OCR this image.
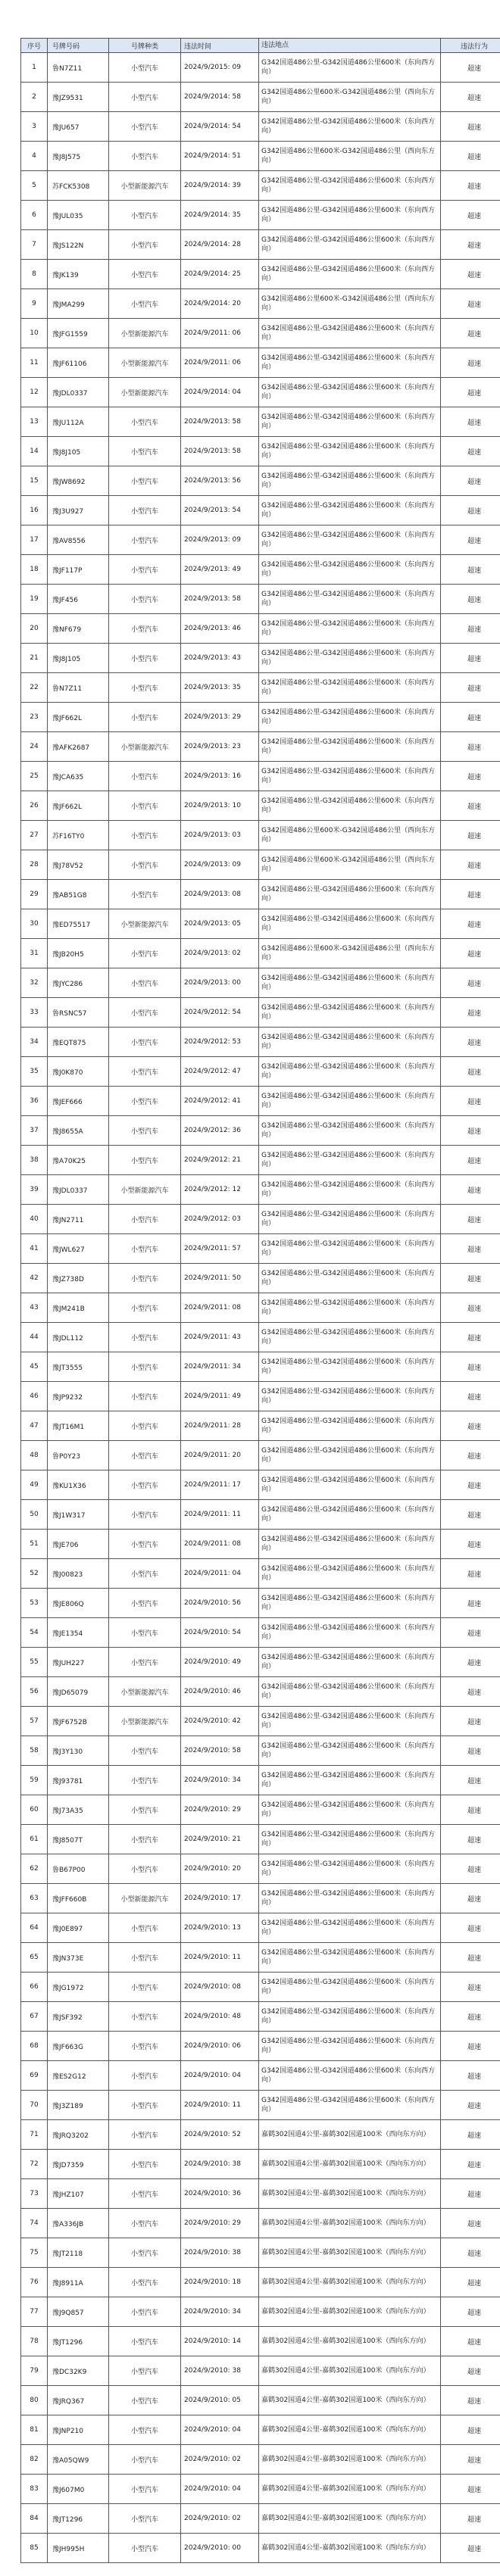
序号	号牌号码	号牌种类	违法时间	违法地点	违法行为
1	鲁N7Z11	小型汽车	2024/9/2015: 09	G342国道486公里-G342国道486公里600米（东向西方向）	超速
2	豫JZ9531	小型汽车	2024/9/2014: 58	G342国道486公里600米-G342国道486公里（西向东方向）	超速
3	豫JU657	小型汽车	2024/9/2014: 54	G342国道486公里-G342国道486公里600米（东向西方向）	超速
4	豫J8J575	小型汽车	2024/9/2014: 51	G342国道486公里600米-G342国道486公里（西向东方向）	超速
5	苏FCK5308	小型新能源汽车	2024/9/2014: 39	G342国道486公里-G342国道486公里600米（东向西方向）	超速
6	豫JUL035	小型汽车	2024/9/2014: 35	G342国道486公里-G342国道486公里600米（东向西方向）	超速
7	豫JS122N	小型汽车	2024/9/2014: 28	G342国道486公里-G342国道486公里600米（东向西方向）	超速
8	豫JK139	小型汽车	2024/9/2014: 25	G342国道486公里-G342国道486公里600米（东向西方向）	超速
9	豫JMA299	小型汽车	2024/9/2014: 20	G342国道486公里600米-G342国道486公里（西向东方向）	超速
10	豫JFG1559	小型新能源汽车	2024/9/2011: 06	G342国道486公里-G342国道486公里600米（东向西方向）	超速
11	豫JF61106	小型新能源汽车	2024/9/2011: 06	G342国道486公里-G342国道486公里600米（东向西方向）	超速
12	豫JDL0337	小型新能源汽车	2024/9/2014: 04	G342国道486公里-G342国道486公里600米（东向西方向）	超速
13	豫JU112A	小型汽车	2024/9/2013: 58	G342国道486公里-G342国道486公里600米（东向西方向）	超速
14	豫J8J105	小型汽车	2024/9/2013: 58	G342国道486公里-G342国道486公里600米（东向西方向）	超速
15	豫JW8692	小型汽车	2024/9/2013: 56	G342国道486公里-G342国道486公里600米（东向西方向）	超速
16	豫J3U927	小型汽车	2024/9/2013: 54	G342国道486公里-G342国道486公里600米（东向西方向）	超速
17	豫AV8556	小型汽车	2024/9/2013: 09	G342国道486公里-G342国道486公里600米（东向西方向）	超速
18	豫JF117P	小型汽车	2024/9/2013: 49	G342国道486公里-G342国道486公里600米（东向西方向）	超速
19	豫JF456	小型汽车	2024/9/2013: 58	G342国道486公里-G342国道486公里600米（东向西方向）	超速
20	豫NF679	小型汽车	2024/9/2013: 46	G342国道486公里-G342国道486公里600米（东向西方向）	超速
21	豫J8J105	小型汽车	2024/9/2013: 43	G342国道486公里-G342国道486公里600米（东向西方向）	超速
22	鲁N7Z11	小型汽车	2024/9/2013: 35	G342国道486公里-G342国道486公里600米（东向西方向）	超速
23	豫JF662L	小型汽车	2024/9/2013: 29	G342国道486公里-G342国道486公里600米（东向西方向）	超速
24	豫AFK2687	小型新能源汽车	2024/9/2013: 23	G342国道486公里-G342国道486公里600米（东向西方向）	超速
25	豫JCA635	小型汽车	2024/9/2013: 16	G342国道486公里-G342国道486公里600米（东向西方向）	超速
26	豫JF662L	小型汽车	2024/9/2013: 10	G342国道486公里-G342国道486公里600米（东向西方向）	超速
27	苏F16TY0	小型汽车	2024/9/2013: 03	G342国道486公里600米-G342国道486公里（西向东方向）	超速
28	豫J78V52	小型汽车	2024/9/2013: 09	G342国道486公里600米-G342国道486公里（西向东方向）	超速
29	豫AB51G8	小型汽车	2024/9/2013: 08	G342国道486公里-G342国道486公里600米（东向西方向）	超速
30	豫ED75517	小型新能源汽车	2024/9/2013: 05	G342国道486公里-G342国道486公里600米（东向西方向）	超速
31	豫JB20H5	小型汽车	2024/9/2013: 02	G342国道486公里600米-G342国道486公里（西向东方向）	超速
32	豫JYC286	小型汽车	2024/9/2013: 00	G342国道486公里-G342国道486公里600米（东向西方向）	超速
33	鲁RSNC57	小型汽车	2024/9/2012: 54	G342国道486公里-G342国道486公里600米（东向西方向）	超速
34	豫EQT875	小型汽车	2024/9/2012: 53	G342国道486公里-G342国道486公里600米（东向西方向）	超速
35	豫J0K870	小型汽车	2024/9/2012: 47	G342国道486公里-G342国道486公里600米（东向西方向）	超速
36	豫JEF666	小型汽车	2024/9/2012: 41	G342国道486公里-G342国道486公里600米（东向西方向）	超速
37	豫J8655A	小型汽车	2024/9/2012: 36	G342国道486公里-G342国道486公里600米（东向西方向）	超速
38	豫A70K25	小型汽车	2024/9/2012: 21	G342国道486公里-G342国道486公里600米（东向西方向）	超速
39	豫JDL0337	小型新能源汽车	2024/9/2012: 12	G342国道486公里-G342国道486公里600米（东向西方向）	超速
40	豫JN2711	小型汽车	2024/9/2012: 03	G342国道486公里-G342国道486公里600米（东向西方向）	超速
41	豫JWL627	小型汽车	2024/9/2011: 57	G342国道486公里-G342国道486公里600米（东向西方向）	超速
42	豫JZ738D	小型汽车	2024/9/2011: 50	G342国道486公里-G342国道486公里600米（东向西方向）	超速
43	豫JM241B	小型汽车	2024/9/2011: 08	G342国道486公里-G342国道486公里600米（东向西方向）	超速
44	豫JDL112	小型汽车	2024/9/2011: 43	G342国道486公里-G342国道486公里600米（东向西方向）	超速
45	豫JT3555	小型汽车	2024/9/2011: 34	G342国道486公里-G342国道486公里600米（东向西方向）	超速
46	豫JP9232	小型汽车	2024/9/2011: 49	G342国道486公里-G342国道486公里600米（东向西方向）	超速
47	豫JT16M1	小型汽车	2024/9/2011: 28	G342国道486公里-G342国道486公里600米（东向西方向）	超速
48	鲁P0Y23	小型汽车	2024/9/2011: 20	G342国道486公里-G342国道486公里600米（东向西方向）	超速
49	豫KU1X36	小型汽车	2024/9/2011: 17	G342国道486公里-G342国道486公里600米（东向西方向）	超速
50	豫J1W317	小型汽车	2024/9/2011: 11	G342国道486公里-G342国道486公里600米（东向西方向）	超速
51	豫JE706	小型汽车	2024/9/2011: 08	G342国道486公里-G342国道486公里600米（东向西方向）	超速
52	豫J00823	小型汽车	2024/9/2011: 04	G342国道486公里-G342国道486公里600米（东向西方向）	超速
53	豫JE806Q	小型汽车	2024/9/2010: 56	G342国道486公里-G342国道486公里600米（东向西方向）	超速
54	豫JE1354	小型汽车	2024/9/2010: 54	G342国道486公里-G342国道486公里600米（东向西方向）	超速
55	豫JUH227	小型汽车	2024/9/2010: 49	G342国道486公里-G342国道486公里600米（东向西方向）	超速
56	豫JD65079	小型新能源汽车	2024/9/2010: 46	G342国道486公里-G342国道486公里600米（东向西方向）	超速
57	豫JF6752B	小型新能源汽车	2024/9/2010: 42	G342国道486公里-G342国道486公里600米（东向西方向）	超速
58	豫J3Y130	小型汽车	2024/9/2010: 58	G342国道486公里-G342国道486公里600米（东向西方向）	超速
59	豫J93781	小型汽车	2024/9/2010: 34	G342国道486公里-G342国道486公里600米（东向西方向）	超速
60	豫J73A35	小型汽车	2024/9/2010: 29	G342国道486公里-G342国道486公里600米（东向西方向）	超速
61	豫J8507T	小型汽车	2024/9/2010: 21	G342国道486公里-G342国道486公里600米（东向西方向）	超速
62	鲁B67P00	小型汽车	2024/9/2010: 20	G342国道486公里-G342国道486公里600米（东向西方向）	超速
63	豫JFF660B	小型新能源汽车	2024/9/2010: 17	G342国道486公里-G342国道486公里600米（东向西方向）	超速
64	豫J0E897	小型汽车	2024/9/2010: 13	G342国道486公里-G342国道486公里600米（东向西方向）	超速
65	豫JN373E	小型汽车	2024/9/2010: 11	G342国道486公里-G342国道486公里600米（东向西方向）	超速
66	豫JG1972	小型汽车	2024/9/2010: 08	G342国道486公里-G342国道486公里600米（东向西方向）	超速
67	豫JSF392	小型汽车	2024/9/2010: 48	G342国道486公里-G342国道486公里600米（东向西方向）	超速
68	豫JF663G	小型汽车	2024/9/2010: 06	G342国道486公里-G342国道486公里600米（东向西方向）	超速
69	豫ES2G12	小型汽车	2024/9/2010: 04	G342国道486公里-G342国道486公里600米（东向西方向）	超速
70	豫J3Z189	小型汽车	2024/9/2010: 11	G342国道486公里-G342国道486公里600米（东向西方向）	超速
71	豫JRQ3202	小型汽车	2024/9/2010: 52	嘉鹤302国道4公里-嘉鹤302国道100米（西向东方向）	超速
72	豫JD7359	小型汽车	2024/9/2010: 38	嘉鹤302国道4公里-嘉鹤302国道100米（西向东方向）	超速
73	豫JHZ107	小型汽车	2024/9/2010: 36	嘉鹤302国道4公里-嘉鹤302国道100米（西向东方向）	超速
74	豫A336JB	小型汽车	2024/9/2010: 29	嘉鹤302国道4公里-嘉鹤302国道100米（西向东方向）	超速
75	豫JT2118	小型汽车	2024/9/2010: 38	嘉鹤302国道4公里-嘉鹤302国道100米（西向东方向）	超速
76	豫J8911A	小型汽车	2024/9/2010: 18	嘉鹤302国道4公里-嘉鹤302国道100米（西向东方向）	超速
77	豫J9Q857	小型汽车	2024/9/2010: 34	嘉鹤302国道4公里-嘉鹤302国道100米（西向东方向）	超速
78	豫JT1296	小型汽车	2024/9/2010: 14	嘉鹤302国道4公里-嘉鹤302国道100米（西向东方向）	超速
79	豫DC32K9	小型汽车	2024/9/2010: 38	嘉鹤302国道4公里-嘉鹤302国道100米（西向东方向）	超速
80	豫JRQ367	小型汽车	2024/9/2010: 05	嘉鹤302国道4公里-嘉鹤302国道100米（西向东方向）	超速
81	豫JNP210	小型汽车	2024/9/2010: 04	嘉鹤302国道4公里-嘉鹤302国道100米（西向东方向）	超速
82	豫A05QW9	小型汽车	2024/9/2010: 02	嘉鹤302国道4公里-嘉鹤302国道100米（西向东方向）	超速
83	豫J607M0	小型汽车	2024/9/2010: 04	嘉鹤302国道4公里-嘉鹤302国道100米（西向东方向）	超速
84	豫JT1296	小型汽车	2024/9/2010: 02	嘉鹤302国道4公里-嘉鹤302国道100米（西向东方向）	超速
85	豫JH995H	小型汽车	2024/9/2010: 00	嘉鹤302国道4公里-嘉鹤302国道100米（西向东方向）	超速
